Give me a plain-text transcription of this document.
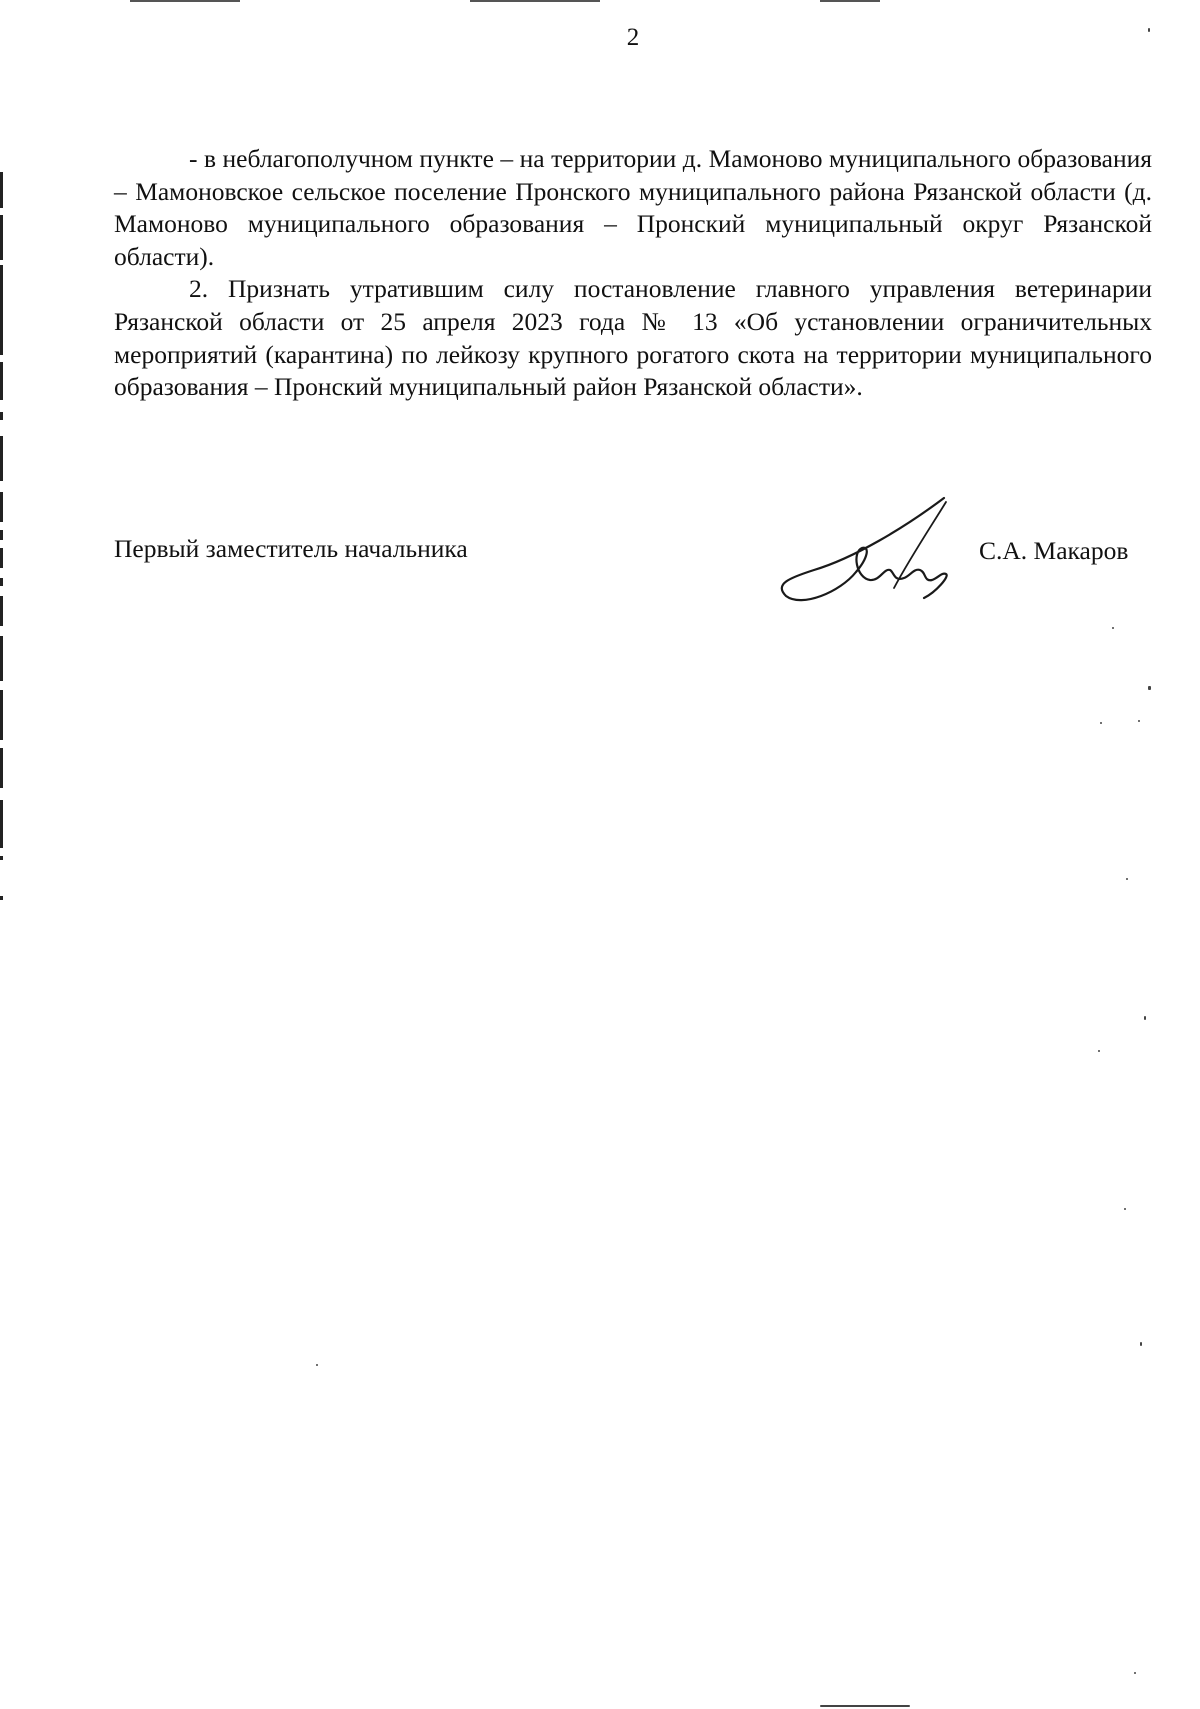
2

- в неблагополучном пункте – на территории д. Мамоново муниципального образования – Мамоновское сельское поселение Пронского муниципального района Рязанской области (д. Мамоново муниципального образования – Пронский муниципальный округ Рязанской области).

2. Признать утратившим силу постановление главного управления ветеринарии Рязанской области от 25 апреля 2023 года № 13 «Об установлении ограничительных мероприятий (карантина) по лейкозу крупного рогатого скота на территории муниципального образования – Пронский муниципальный район Рязанской области».

Первый заместитель начальника	С.А. Макаров
